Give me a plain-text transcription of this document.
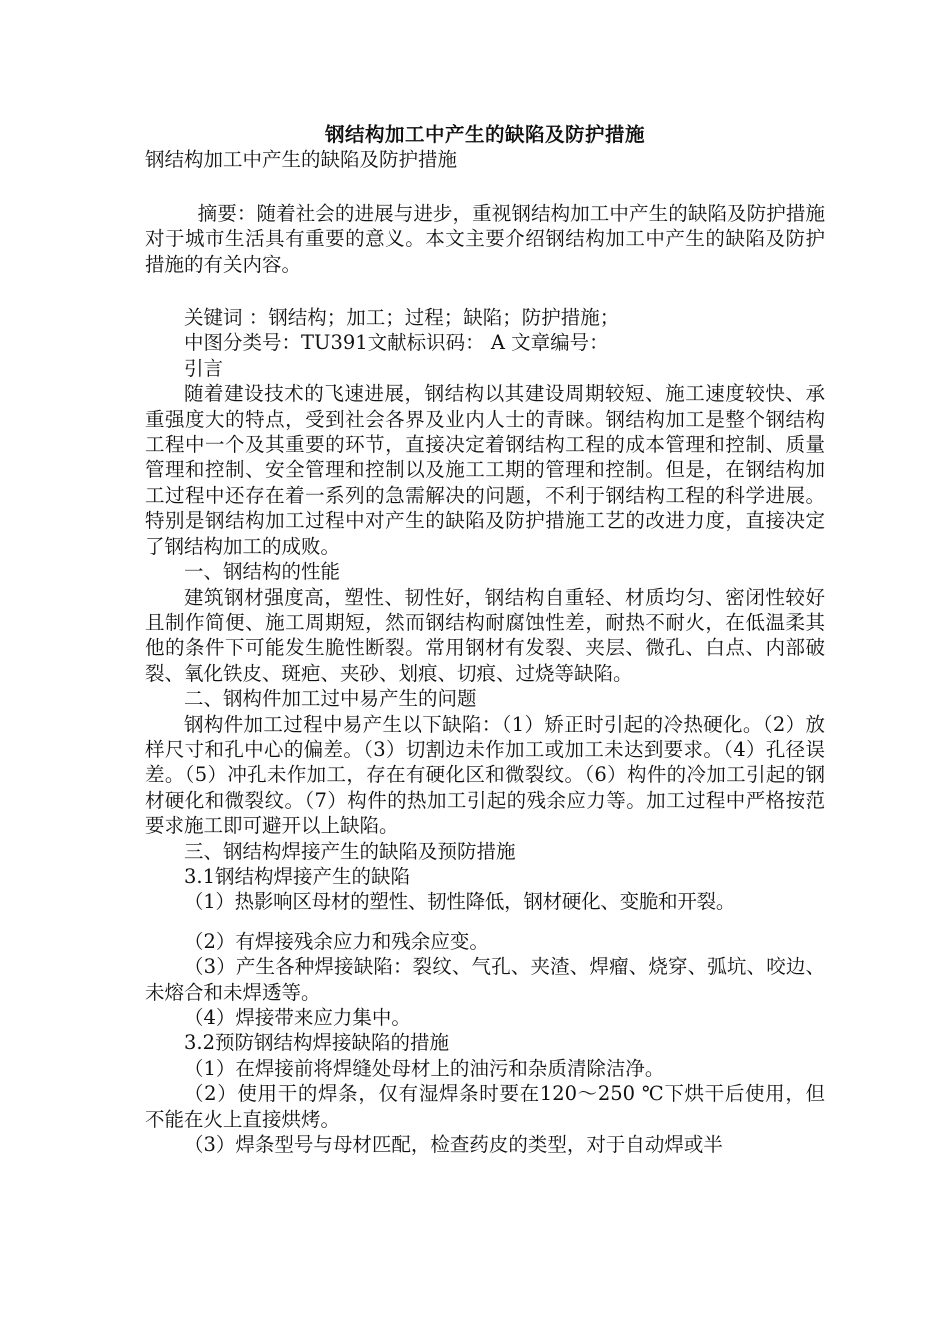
钢结构加工中产生的缺陷及防护措施

钢结构加工中产生的缺陷及防护措施

摘要：随着社会的进展与进步，重视钢结构加工中产生的缺陷及防护措施对于城市生活具有重要的意义。本文主要介绍钢结构加工中产生的缺陷及防护措施的有关内容。

关键词 ：钢结构；加工；过程；缺陷；防护措施；

中图分类号：TU391文献标识码： A 文章编号：

引言

随着建设技术的飞速进展，钢结构以其建设周期较短、施工速度较快、承重强度大的特点，受到社会各界及业内人士的青睐。钢结构加工是整个钢结构工程中一个及其重要的环节，直接决定着钢结构工程的成本管理和控制、质量管理和控制、安全管理和控制以及施工工期的管理和控制。但是，在钢结构加工过程中还存在着一系列的急需解决的问题，不利于钢结构工程的科学进展。特别是钢结构加工过程中对产生的缺陷及防护措施工艺的改进力度，直接决定了钢结构加工的成败。

一、钢结构的性能

建筑钢材强度高，塑性、韧性好，钢结构自重轻、材质均匀、密闭性较好且制作简便、施工周期短，然而钢结构耐腐蚀性差，耐热不耐火，在低温柔其他的条件下可能发生脆性断裂。常用钢材有发裂、夹层、微孔、白点、内部破裂、氧化铁皮、斑疤、夹砂、划痕、切痕、过烧等缺陷。

二、钢构件加工过中易产生的问题

钢构件加工过程中易产生以下缺陷：（1）矫正时引起的冷热硬化。（2）放样尺寸和孔中心的偏差。（3）切割边未作加工或加工未达到要求。（4）孔径误差。（5）冲孔未作加工，存在有硬化区和微裂纹。（6）构件的冷加工引起的钢材硬化和微裂纹。（7）构件的热加工引起的残余应力等。加工过程中严格按范要求施工即可避开以上缺陷。

三、钢结构焊接产生的缺陷及预防措施

3.1钢结构焊接产生的缺陷

（1）热影响区母材的塑性、韧性降低，钢材硬化、变脆和开裂。

（2）有焊接残余应力和残余应变。

（3）产生各种焊接缺陷：裂纹、气孔、夹渣、焊瘤、烧穿、弧坑、咬边、未熔合和未焊透等。

（4）焊接带来应力集中。

3.2预防钢结构焊接缺陷的措施

（1）在焊接前将焊缝处母材上的油污和杂质清除洁净。

（2）使用干的焊条，仅有湿焊条时要在120～250 ℃下烘干后使用，但不能在火上直接烘烤。

（3）焊条型号与母材匹配，检查药皮的类型，对于自动焊或半
